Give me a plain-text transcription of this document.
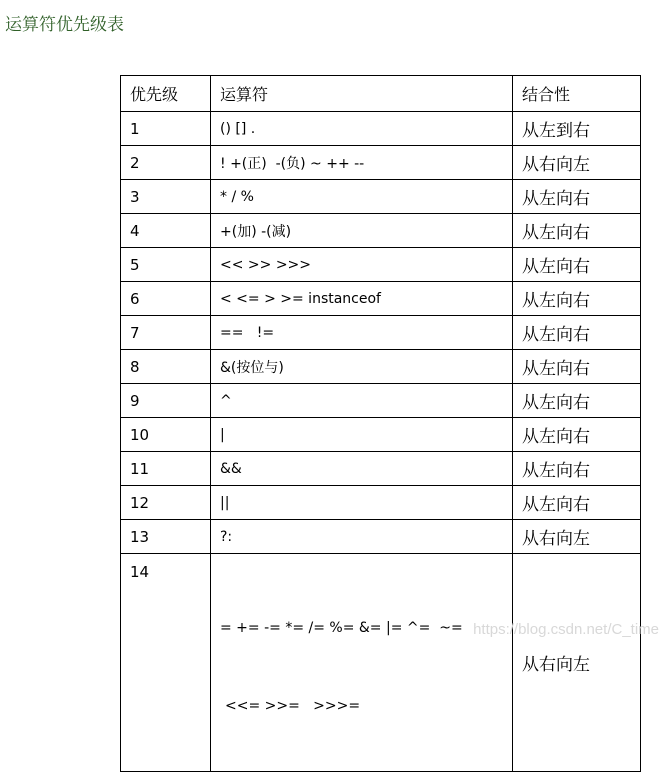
运算符优先级表
优先级	运算符	结合性
1	() [] .	从左到右
2	! +(正)  -(负) ~ ++ --	从右向左
3	* / %	从左向右
4	+(加) -(减)	从左向右
5	<< >> >>>	从左向右
6	< <= > >= instanceof	从左向右
7	==   !=	从左向右
8	&(按位与)	从左向右
9	^	从左向右
10	|	从左向右
11	&&	从左向右
12	||	从左向右
13	?:	从右向左
14	= += -= *= /= %= &= |= ^=  ~=

<<= >>=   >>>=	从右向左
https://blog.csdn.net/C_time
